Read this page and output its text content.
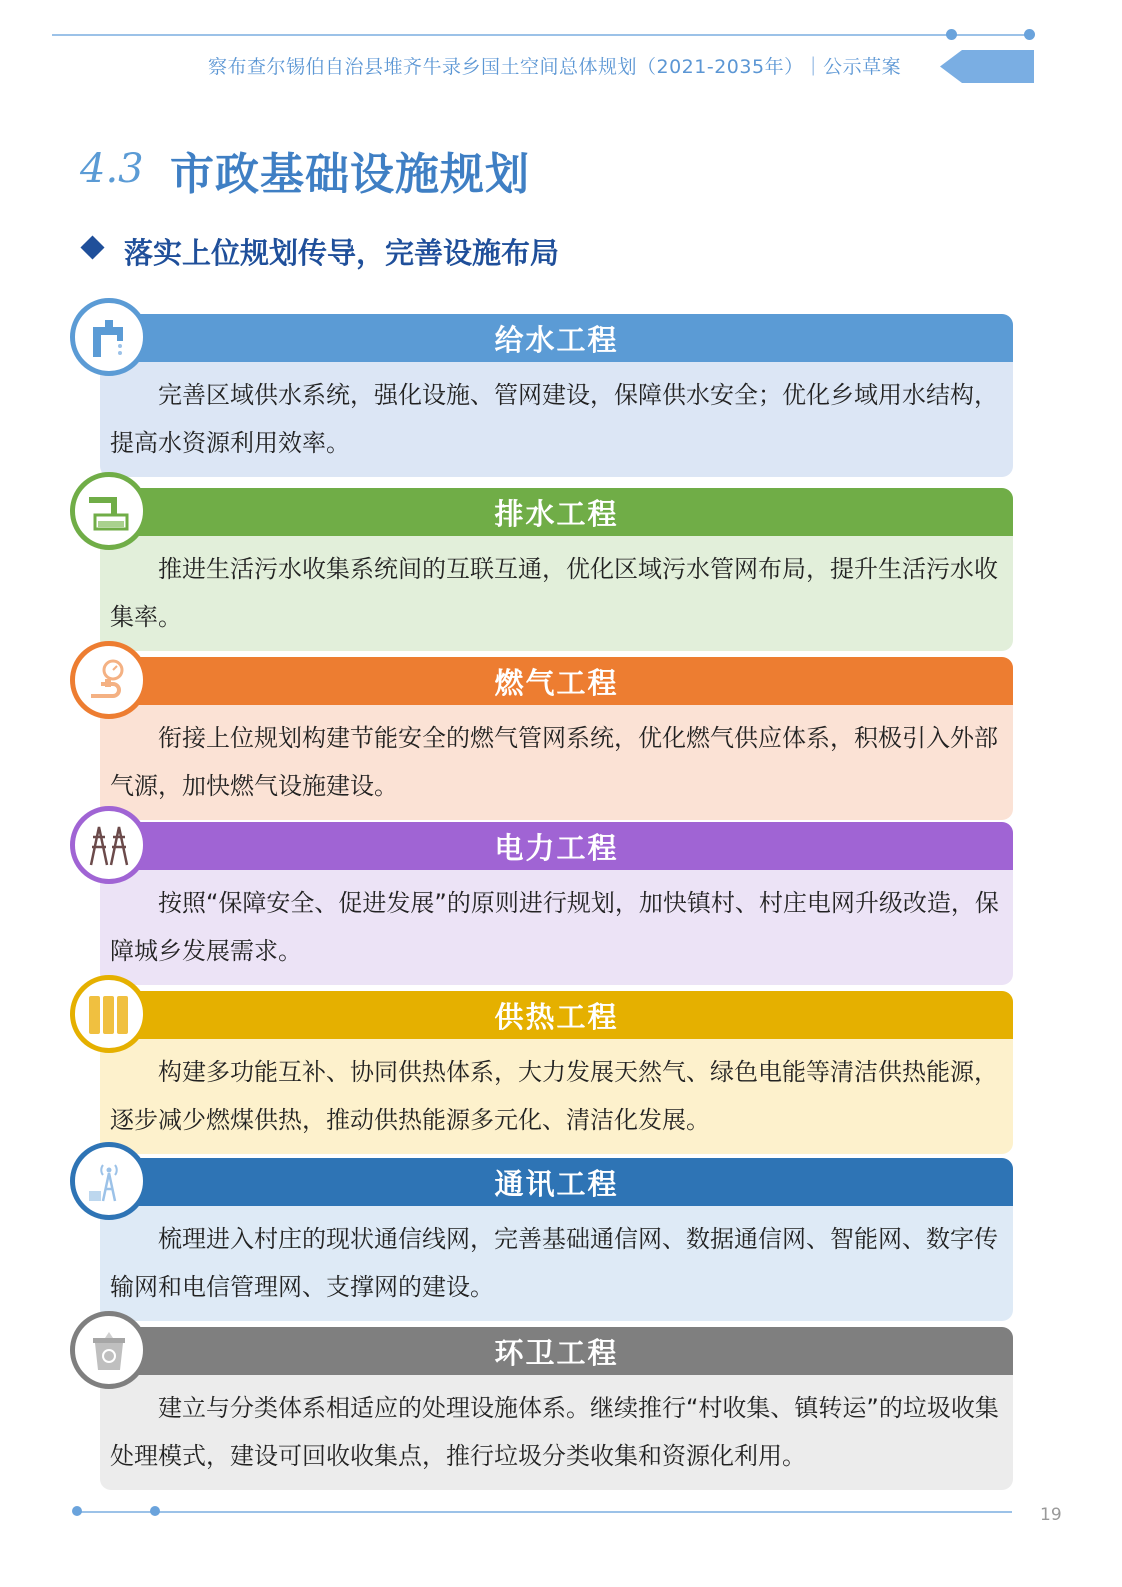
察布查尔锡伯自治县堆齐牛录乡国土空间总体规划（2021-2035年）｜公示草案
4.3 市政基础设施规划
落实上位规划传导，完善设施布局
给水工程
完善区域供水系统，强化设施、管网建设，保障供水安全；优化乡域用水结构，提高水资源利用效率。
排水工程
推进生活污水收集系统间的互联互通，优化区域污水管网布局，提升生活污水收集率。
燃气工程
衔接上位规划构建节能安全的燃气管网系统，优化燃气供应体系，积极引入外部气源，加快燃气设施建设。
电力工程
按照“保障安全、促进发展”的原则进行规划，加快镇村、村庄电网升级改造，保障城乡发展需求。
供热工程
构建多功能互补、协同供热体系，大力发展天然气、绿色电能等清洁供热能源，逐步减少燃煤供热，推动供热能源多元化、清洁化发展。
通讯工程
梳理进入村庄的现状通信线网，完善基础通信网、数据通信网、智能网、数字传输网和电信管理网、支撑网的建设。
环卫工程
建立与分类体系相适应的处理设施体系。继续推行“村收集、镇转运”的垃圾收集处理模式，建设可回收收集点，推行垃圾分类收集和资源化利用。
19
